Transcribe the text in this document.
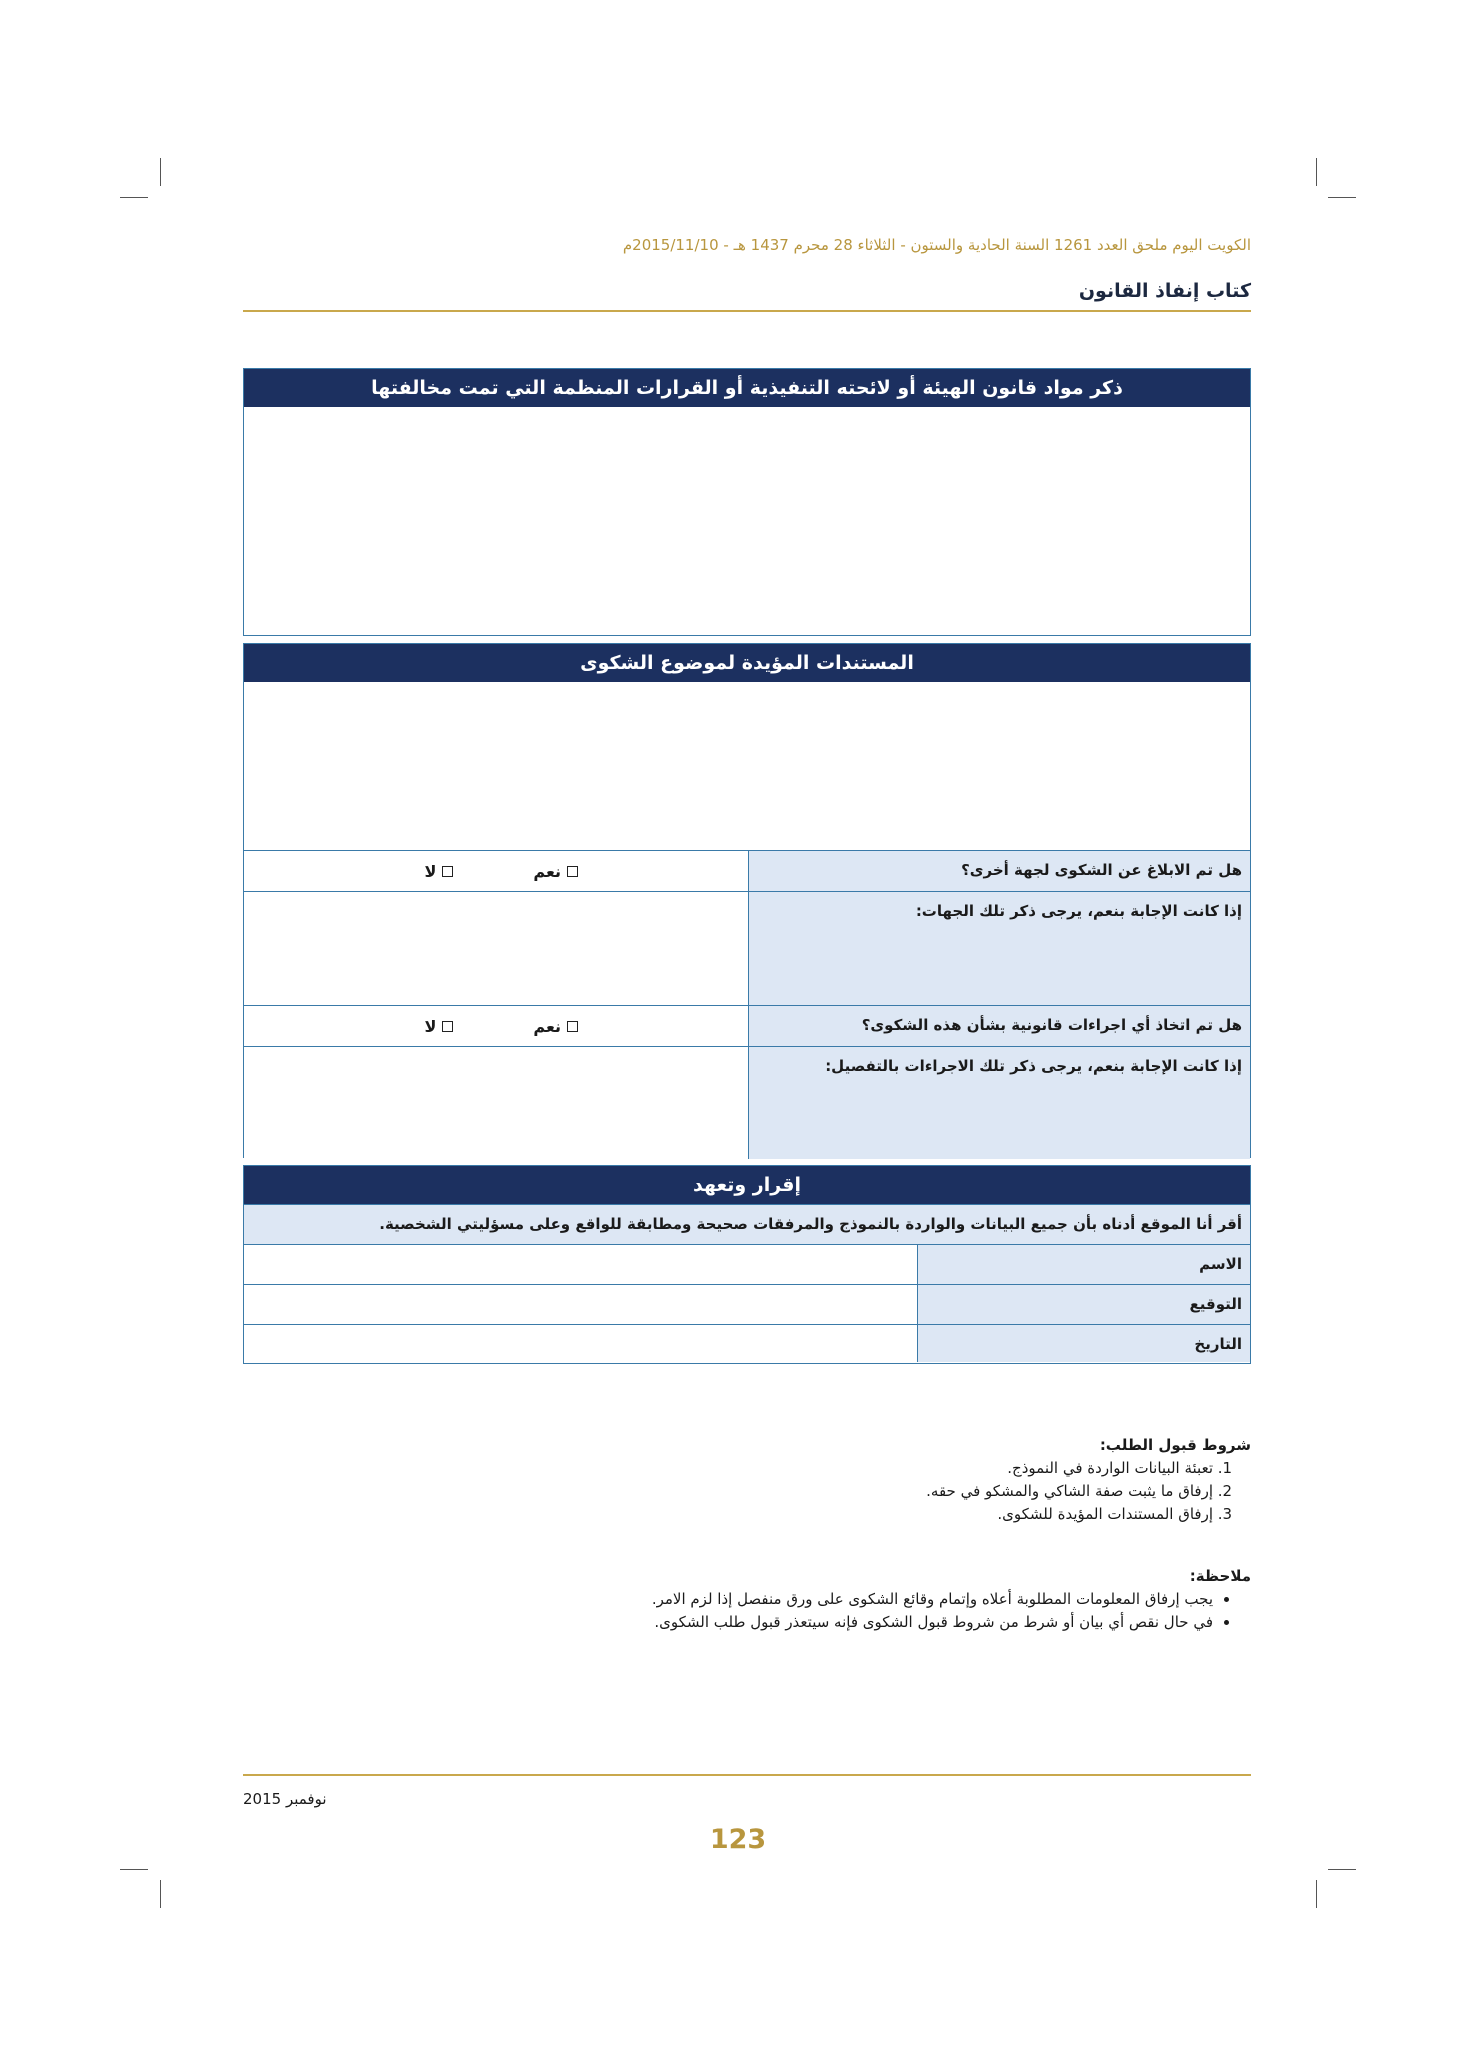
الكويت اليوم ملحق العدد 1261 السنة الحادية والستون - الثلاثاء 28 محرم 1437 هـ - 2015/11/10م
كتاب إنفاذ القانون
ذكر مواد قانون الهيئة أو لائحته التنفيذية أو القرارات المنظمة التي تمت مخالفتها
المستندات المؤيدة لموضوع الشكوى
هل تم الابلاغ عن الشكوى لجهة أخرى؟
نعم
لا
إذا كانت الإجابة بنعم، يرجى ذكر تلك الجهات:
هل تم اتخاذ أي اجراءات قانونية بشأن هذه الشكوى؟
نعم
لا
إذا كانت الإجابة بنعم، يرجى ذكر تلك الاجراءات بالتفصيل:
إقرار وتعهد
أقر أنا الموقع أدناه بأن جميع البيانات والواردة بالنموذج والمرفقات صحيحة ومطابقة للواقع وعلى مسؤليتي الشخصية.
الاسم
التوقيع
التاريخ
شروط قبول الطلب:
1. تعبئة البيانات الواردة في النموذج.
2. إرفاق ما يثبت صفة الشاكي والمشكو في حقه.
3. إرفاق المستندات المؤيدة للشكوى.
ملاحظة:
• يجب إرفاق المعلومات المطلوبة أعلاه وإتمام وقائع الشكوى على ورق منفصل إذا لزم الامر.
• في حال نقص أي بيان أو شرط من شروط قبول الشكوى فإنه سيتعذر قبول طلب الشكوى.
نوفمبر 2015
123
